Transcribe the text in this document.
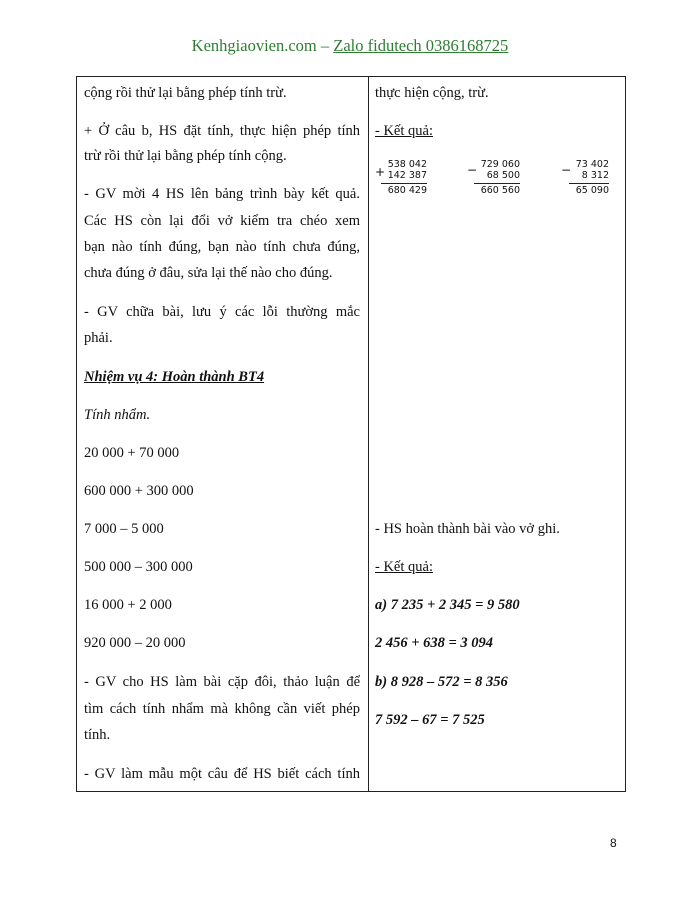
Kenhgiaovien.com – Zalo fidutech 0386168725
cộng rồi thử lại bằng phép tính trừ.
+ Ở câu b, HS đặt tính, thực hiện phép tính
trừ rồi thử lại bằng phép tính cộng.
- GV mời 4 HS lên bảng trình bày kết quả.
Các HS còn lại đổi vở kiểm tra chéo xem
bạn nào tính đúng, bạn nào tính chưa đúng,
chưa đúng ở đâu, sửa lại thế nào cho đúng.
- GV chữa bài, lưu ý các lỗi thường mắc
phải.
Nhiệm vụ 4: Hoàn thành BT4
Tính nhẩm.
20 000 + 70 000
600 000 + 300 000
7 000 – 5 000
500 000 – 300 000
16 000 + 2 000
920 000 – 20 000
- GV cho HS làm bài cặp đôi, thảo luận để
tìm cách tính nhẩm mà không cần viết phép
tính.
- GV làm mẫu một câu để HS biết cách tính
thực hiện cộng, trừ.
- Kết quả:
+
538 042
142 387
680 429
− 729 060
68 500
660 560
− 73 402
8 312
65 090
- HS hoàn thành bài vào vở ghi.
- Kết quả:
a) 7 235 + 2 345 = 9 580
2 456 + 638 = 3 094
b) 8 928 – 572 = 8 356
7 592 – 67 = 7 525
8
